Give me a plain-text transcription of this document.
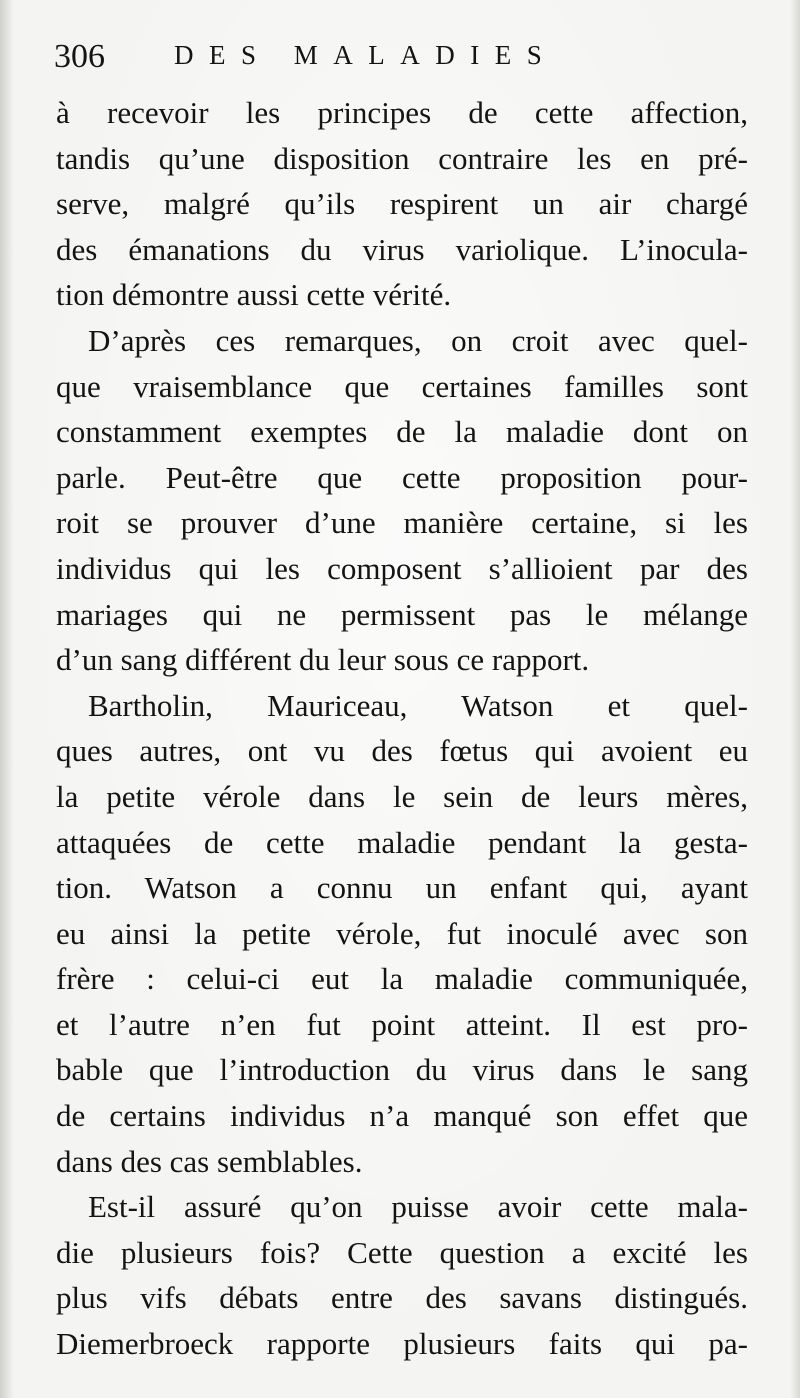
306	DES MALADIES
à recevoir les principes de cette affection,
tandis qu’une disposition contraire les en pré-
serve, malgré qu’ils respirent un air chargé
des émanations du virus variolique. L’inocula-
tion démontre aussi cette vérité.
D’après ces remarques, on croit avec quel-
que vraisemblance que certaines familles sont
constamment exemptes de la maladie dont on
parle. Peut-être que cette proposition pour-
roit se prouver d’une manière certaine, si les
individus qui les composent s’allioient par des
mariages qui ne permissent pas le mélange
d’un sang différent du leur sous ce rapport.
Bartholin, Mauriceau, Watson et quel-
ques autres, ont vu des fœtus qui avoient eu
la petite vérole dans le sein de leurs mères,
attaquées de cette maladie pendant la gesta-
tion. Watson a connu un enfant qui, ayant
eu ainsi la petite vérole, fut inoculé avec son
frère : celui-ci eut la maladie communiquée,
et l’autre n’en fut point atteint. Il est pro-
bable que l’introduction du virus dans le sang
de certains individus n’a manqué son effet que
dans des cas semblables.
Est-il assuré qu’on puisse avoir cette mala-
die plusieurs fois? Cette question a excité les
plus vifs débats entre des savans distingués.
Diemerbroeck rapporte plusieurs faits qui pa-
